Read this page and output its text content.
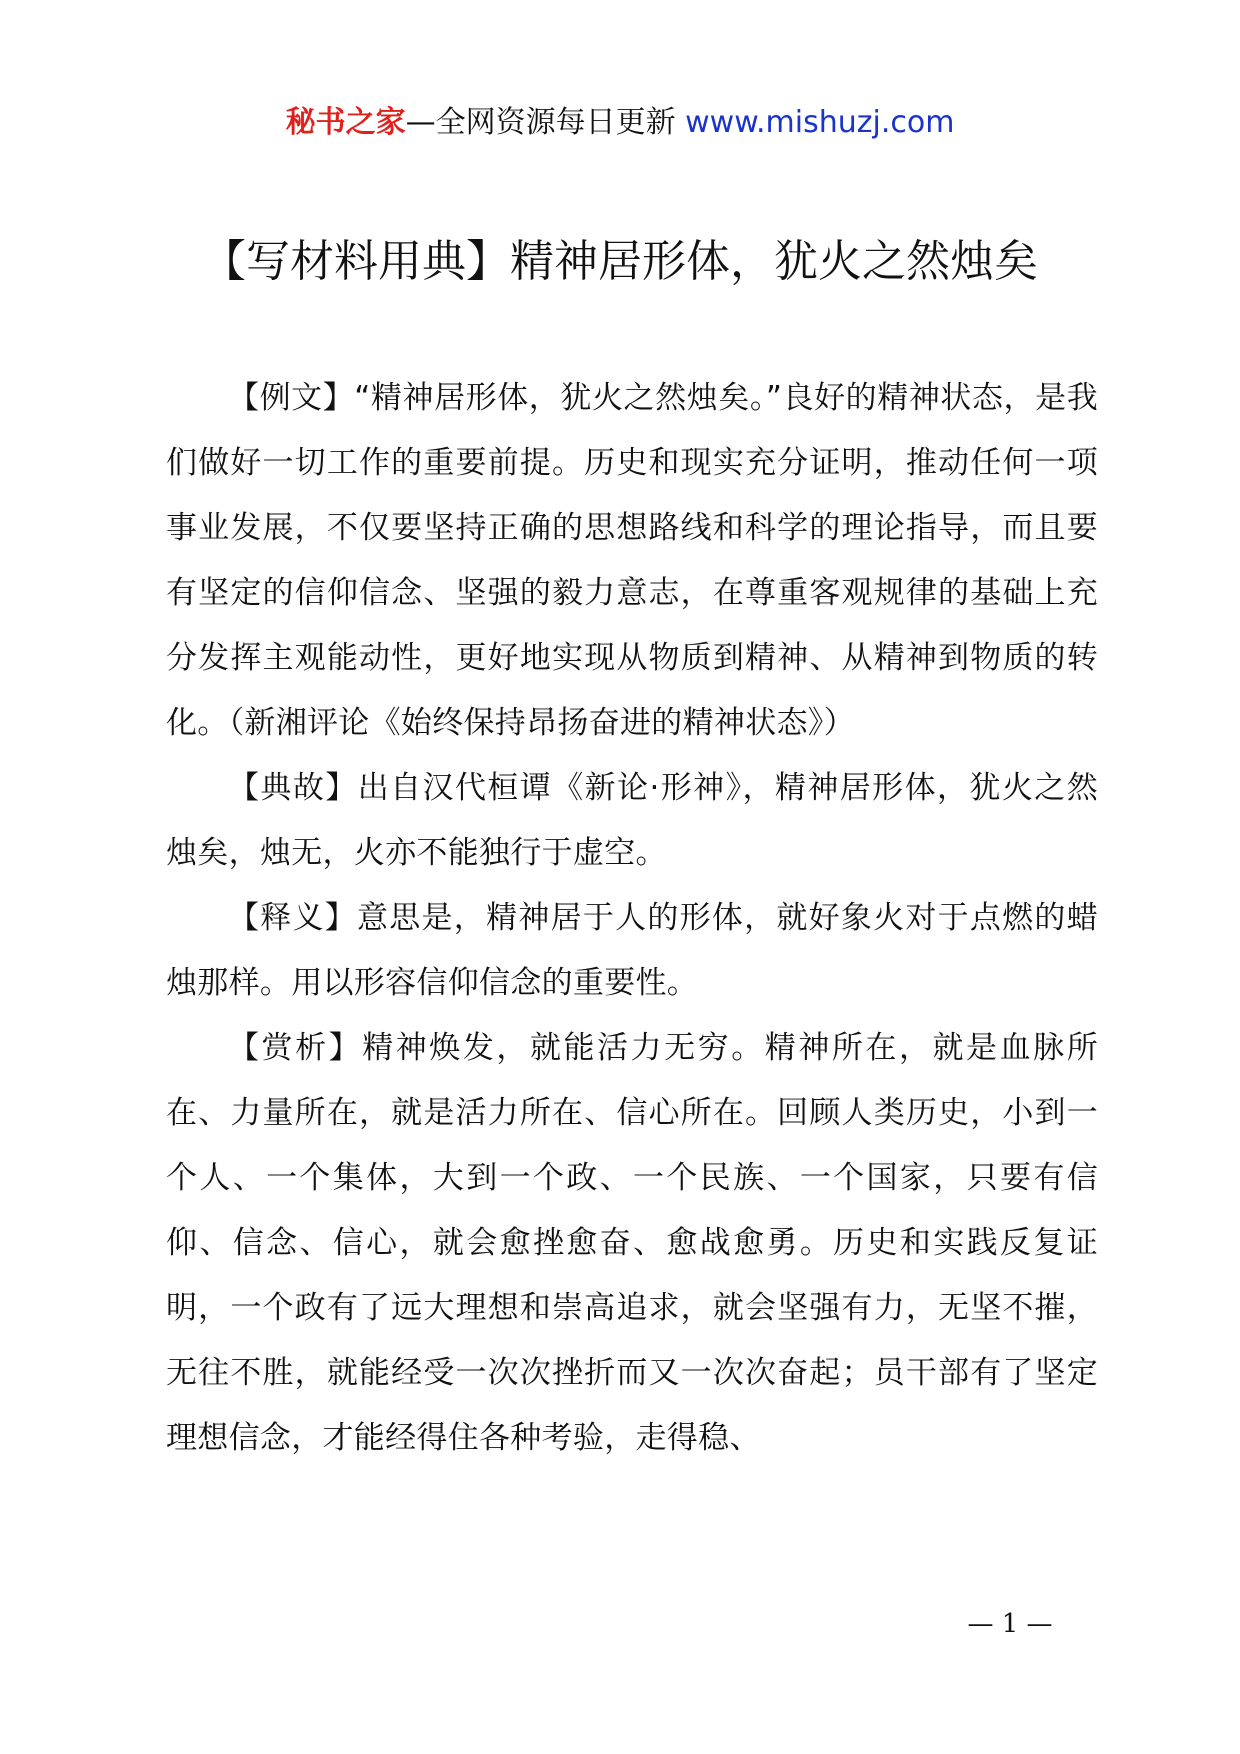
秘书之家—全网资源每日更新 www.mishuzj.com
【写材料用典】精神居形体，犹火之然烛矣

【例文】“精神居形体，犹火之然烛矣。”良好的精神状态，是我们做好一切工作的重要前提。历史和现实充分证明，推动任何一项事业发展，不仅要坚持正确的思想路线和科学的理论指导，而且要有坚定的信仰信念、坚强的毅力意志，在尊重客观规律的基础上充分发挥主观能动性，更好地实现从物质到精神、从精神到物质的转化。（新湘评论《始终保持昂扬奋进的精神状态》）

【典故】出自汉代桓谭《新论·形神》，精神居形体，犹火之然烛矣，烛无，火亦不能独行于虚空。

【释义】意思是，精神居于人的形体，就好象火对于点燃的蜡烛那样。用以形容信仰信念的重要性。

【赏析】精神焕发，就能活力无穷。精神所在，就是血脉所在、力量所在，就是活力所在、信心所在。回顾人类历史，小到一个人、一个集体，大到一个政、一个民族、一个国家，只要有信仰、信念、信心，就会愈挫愈奋、愈战愈勇。历史和实践反复证明，一个政有了远大理想和崇高追求，就会坚强有力，无坚不摧，无往不胜，就能经受一次次挫折而又一次次奋起；员干部有了坚定理想信念，才能经得住各种考验，走得稳、

— 1 —
